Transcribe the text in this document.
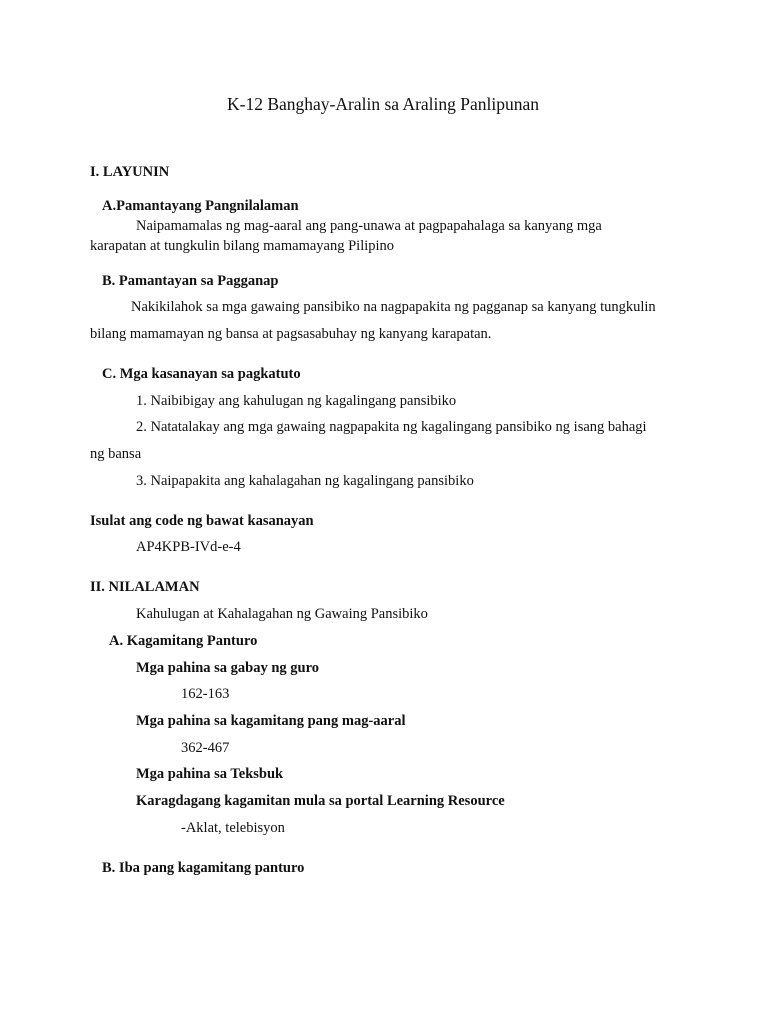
K-12 Banghay-Aralin sa Araling Panlipunan
I. LAYUNIN
A.Pamantayang Pangnilalaman
Naipamamalas ng mag-aaral ang pang-unawa at pagpapahalaga sa kanyang mga
karapatan at tungkulin bilang mamamayang Pilipino
B. Pamantayan sa Pagganap
Nakikilahok sa mga gawaing pansibiko na nagpapakita ng pagganap sa kanyang tungkulin
bilang mamamayan ng bansa at pagsasabuhay ng kanyang karapatan.
C. Mga kasanayan sa pagkatuto
1. Naibibigay ang kahulugan ng kagalingang pansibiko
2. Natatalakay ang mga gawaing nagpapakita ng kagalingang pansibiko ng isang bahagi
ng bansa
3. Naipapakita ang kahalagahan ng kagalingang pansibiko
Isulat ang code ng bawat kasanayan
AP4KPB-IVd-e-4
II. NILALAMAN
Kahulugan at Kahalagahan ng Gawaing Pansibiko
A. Kagamitang Panturo
Mga pahina sa gabay ng guro
162-163
Mga pahina sa kagamitang pang mag-aaral
362-467
Mga pahina sa Teksbuk
Karagdagang kagamitan mula sa portal Learning Resource
-Aklat, telebisyon
B. Iba pang kagamitang panturo
